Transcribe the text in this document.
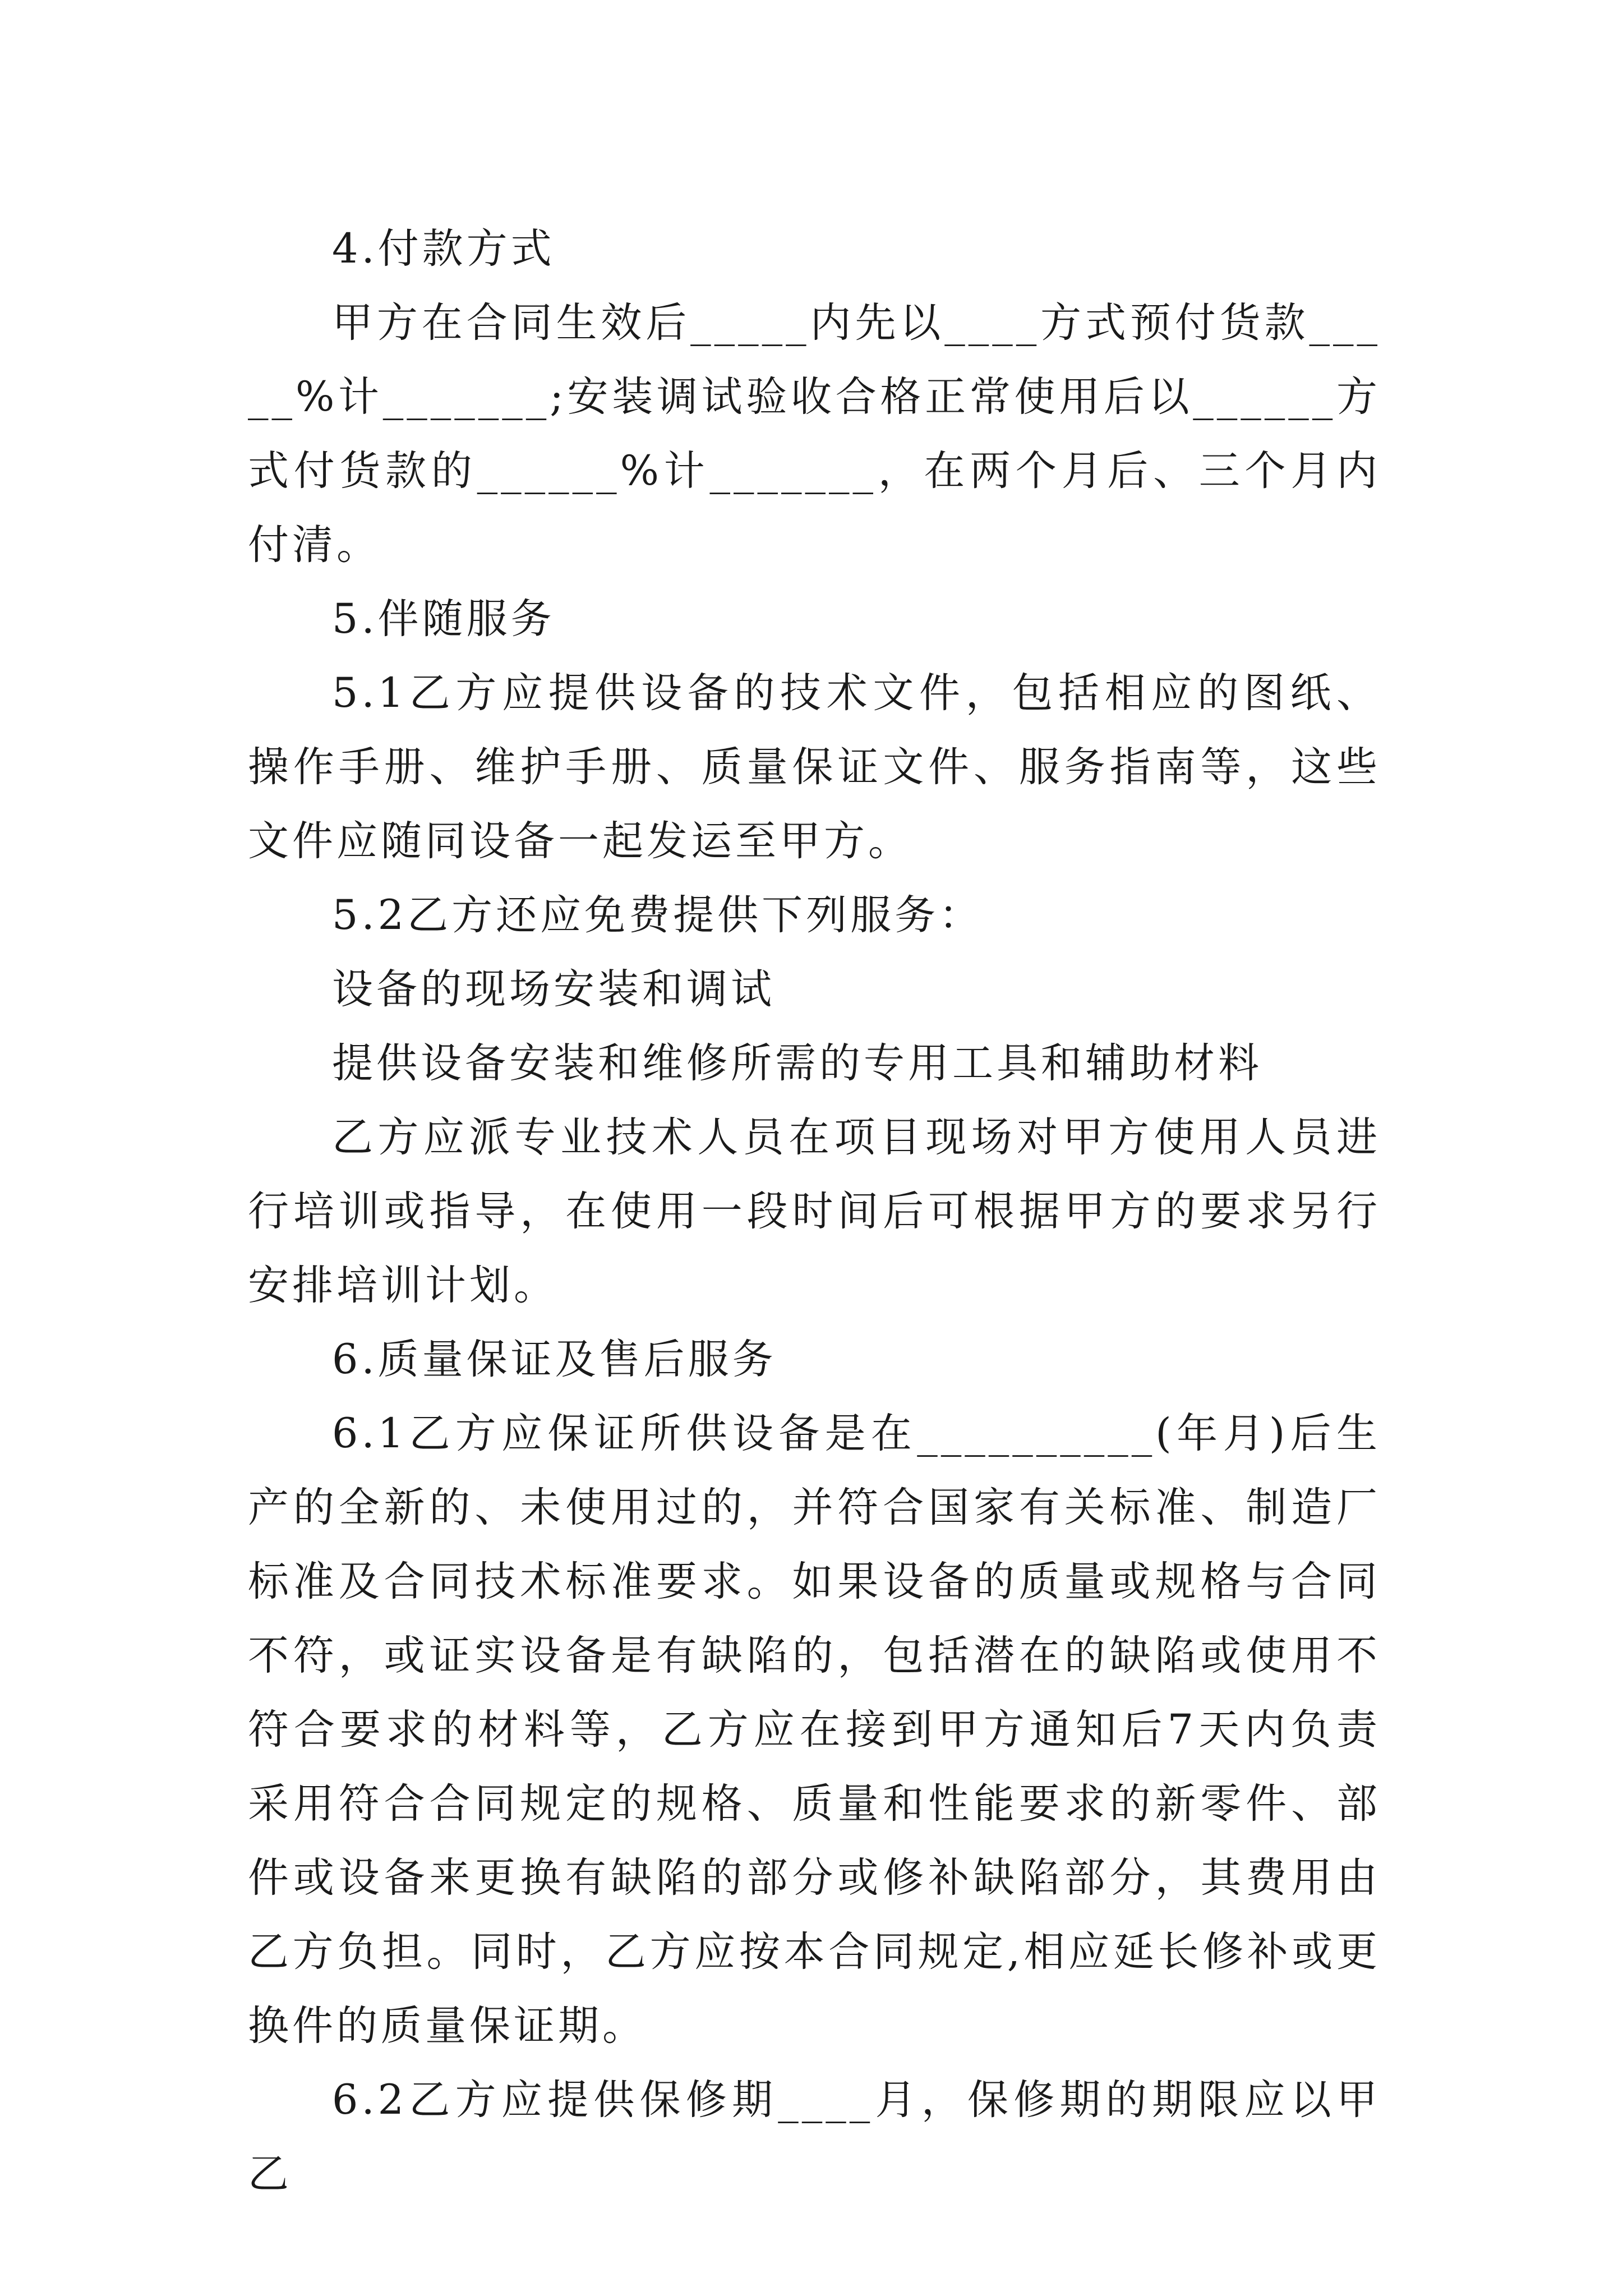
4.付款方式

甲方在合同生效后_____内先以____方式预付货款_____%计_______;安装调试验收合格正常使用后以______方式付货款的______%计_______，在两个月后、三个月内付清。

5.伴随服务

5.1乙方应提供设备的技术文件，包括相应的图纸、操作手册、维护手册、质量保证文件、服务指南等，这些文件应随同设备一起发运至甲方。

5.2乙方还应免费提供下列服务：

设备的现场安装和调试

提供设备安装和维修所需的专用工具和辅助材料

乙方应派专业技术人员在项目现场对甲方使用人员进行培训或指导，在使用一段时间后可根据甲方的要求另行安排培训计划。

6.质量保证及售后服务

6.1乙方应保证所供设备是在__________(年月)后生产的全新的、未使用过的，并符合国家有关标准、制造厂标准及合同技术标准要求。如果设备的质量或规格与合同不符，或证实设备是有缺陷的，包括潜在的缺陷或使用不符合要求的材料等，乙方应在接到甲方通知后7天内负责采用符合合同规定的规格、质量和性能要求的新零件、部件或设备来更换有缺陷的部分或修补缺陷部分，其费用由乙方负担。同时，乙方应按本合同规定,相应延长修补或更换件的质量保证期。

6.2乙方应提供保修期____月，保修期的期限应以甲乙
